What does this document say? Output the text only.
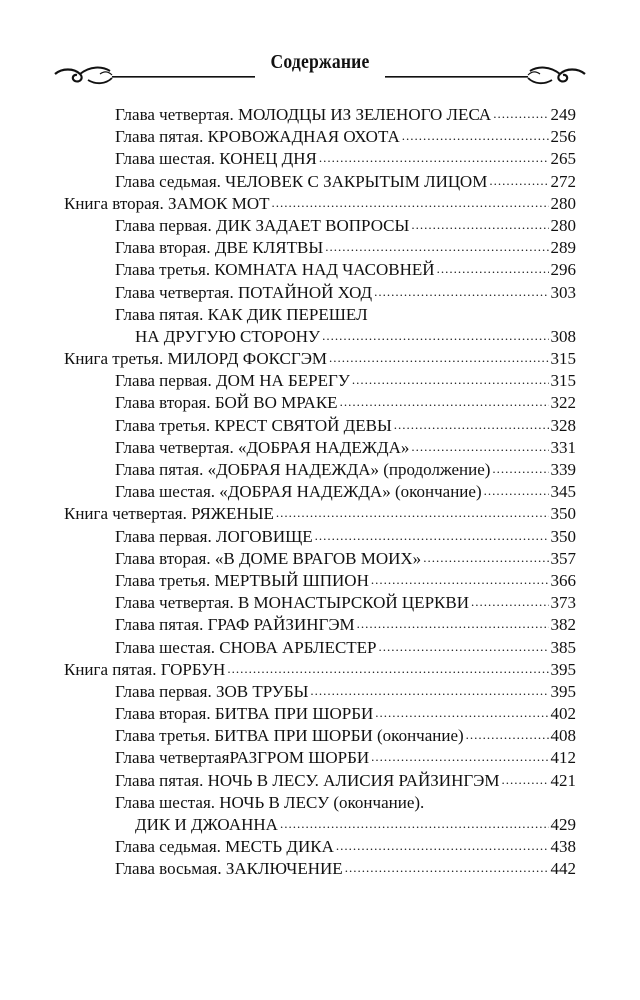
Содержание
Глава четвертая. МОЛОДЦЫ ИЗ ЗЕЛЕНОГО ЛЕСА .....	249
Глава пятая. КРОВОЖАДНАЯ ОХОТА .....	256
Глава шестая. КОНЕЦ ДНЯ .....	265
Глава седьмая. ЧЕЛОВЕК С ЗАКРЫТЫМ ЛИЦОМ .....	272
Книга вторая. ЗАМОК МОТ .....	280
Глава первая. ДИК ЗАДАЕТ ВОПРОСЫ .....	280
Глава вторая. ДВЕ КЛЯТВЫ .....	289
Глава третья. КОМНАТА НАД ЧАСОВНЕЙ .....	296
Глава четвертая. ПОТАЙНОЙ ХОД .....	303
Глава пятая. КАК ДИК ПЕРЕШЕЛ
НА ДРУГУЮ СТОРОНУ .....	308
Книга третья. МИЛОРД ФОКСГЭМ .....	315
Глава первая. ДОМ НА БЕРЕГУ .....	315
Глава вторая. БОЙ ВО МРАКЕ .....	322
Глава третья. КРЕСТ СВЯТОЙ ДЕВЫ .....	328
Глава четвертая. «ДОБРАЯ НАДЕЖДА» .....	331
Глава пятая. «ДОБРАЯ НАДЕЖДА» (продолжение) .....	339
Глава шестая. «ДОБРАЯ НАДЕЖДА» (окончание) .....	345
Книга четвертая. РЯЖЕНЫЕ .....	350
Глава первая. ЛОГОВИЩЕ .....	350
Глава вторая. «В ДОМЕ ВРАГОВ МОИХ» .....	357
Глава третья. МЕРТВЫЙ ШПИОН .....	366
Глава четвертая. В МОНАСТЫРСКОЙ ЦЕРКВИ .....	373
Глава пятая. ГРАФ РАЙЗИНГЭМ .....	382
Глава шестая. СНОВА АРБЛЕСТЕР .....	385
Книга пятая. ГОРБУН .....	395
Глава первая. ЗОВ ТРУБЫ .....	395
Глава вторая. БИТВА ПРИ ШОРБИ .....	402
Глава третья. БИТВА ПРИ ШОРБИ (окончание) .....	408
Глава четвертаяРАЗГРОМ ШОРБИ .....	412
Глава пятая. НОЧЬ В ЛЕСУ. АЛИСИЯ РАЙЗИНГЭМ .....	421
Глава шестая. НОЧЬ В ЛЕСУ (окончание).
ДИК И ДЖОАННА .....	429
Глава седьмая. МЕСТЬ ДИКА .....	438
Глава восьмая. ЗАКЛЮЧЕНИЕ .....	442
